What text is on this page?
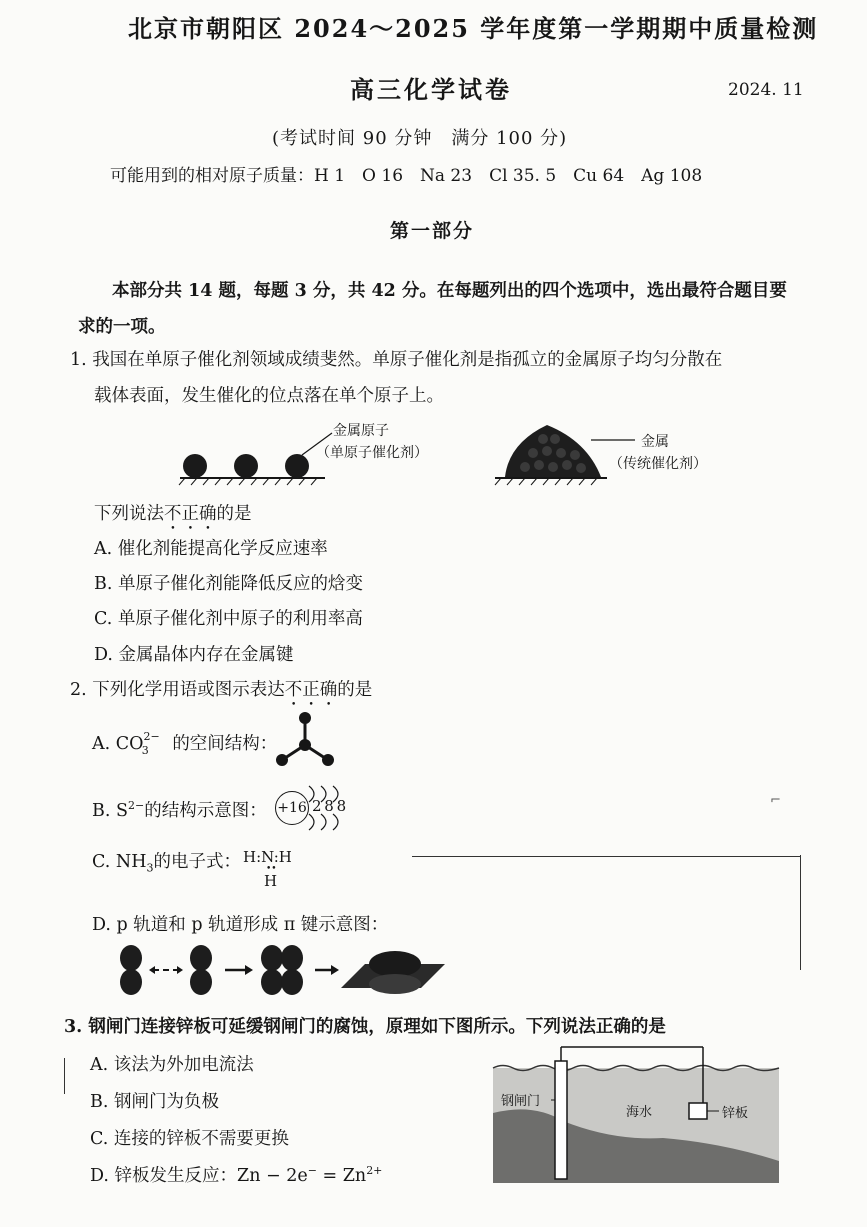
北京市朝阳区 2024～2025 学年度第一学期期中质量检测
高三化学试卷	2024. 11
(考试时间 90 分钟　满分 100 分)
可能用到的相对原子质量：H 1　O 16　Na 23　Cl 35. 5　Cu 64　Ag 108
第一部分
本部分共 14 题，每题 3 分，共 42 分。在每题列出的四个选项中，选出最符合题目要
求的一项。
1. 我国在单原子催化剂领域成绩斐然。单原子催化剂是指孤立的金属原子均匀分散在
载体表面，发生催化的位点落在单个原子上。
金属原子
（单原子催化剂）
金属
（传统催化剂）
下列说法不正确的是
A. 催化剂能提高化学反应速率
B. 单原子催化剂能降低反应的焓变
C. 单原子催化剂中原子的利用率高
D. 金属晶体内存在金属键
2. 下列化学用语或图示表达不正确的是
A. $CO^{2-}_3$ 的空间结构：
B. $S^{2-}$的结构示意图： +16 2 8 8	⌐
C. $NH_3$的电子式： H:N:H
H
••
D. p 轨道和 p 轨道形成 π 键示意图：
3. 钢闸门连接锌板可延缓钢闸门的腐蚀，原理如下图所示。下列说法正确的是
A. 该法为外加电流法
B. 钢闸门为负极
C. 连接的锌板不需要更换
D. 锌板发生反应：$Zn - 2e^- = Zn^{2+}$
钢闸门
海水	锌板
